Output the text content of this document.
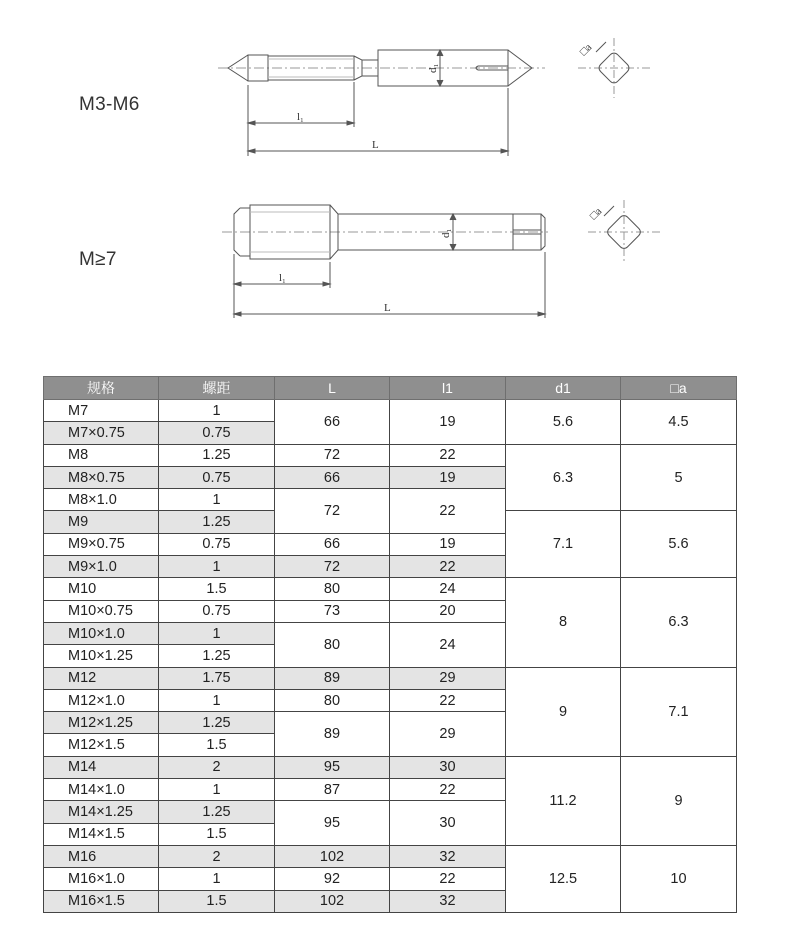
l₁
L
d₁
□a
l₁
L
d₁
□a
M3-M6
M≥7
规格	螺距	L	l1	d1	□a
M7	1	66	19	5.6	4.5
M7×0.75	0.75				
M8	1.25	72	22	6.3	5
M8×0.75	0.75	66	19		
M8×1.0	1	72	22		
M9	1.25			7.1	5.6
M9×0.75	0.75	66	19		
M9×1.0	1	72	22		
M10	1.5	80	24	8	6.3
M10×0.75	0.75	73	20		
M10×1.0	1	80	24		
M10×1.25	1.25				
M12	1.75	89	29	9	7.1
M12×1.0	1	80	22		
M12×1.25	1.25	89	29		
M12×1.5	1.5				
M14	2	95	30	11.2	9
M14×1.0	1	87	22		
M14×1.25	1.25	95	30		
M14×1.5	1.5				
M16	2	102	32	12.5	10
M16×1.0	1	92	22		
M16×1.5	1.5	102	32		
